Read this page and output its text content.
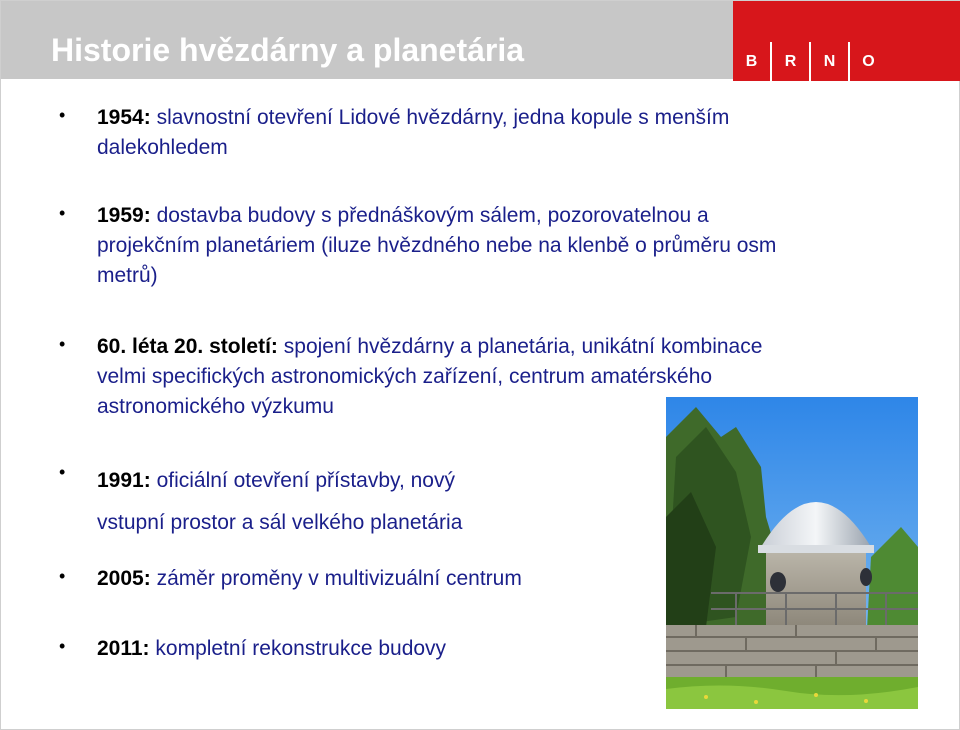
Historie hvězdárny a planetária	B	R	N	O
• 1954: slavnostní otevření Lidové hvězdárny, jedna kopule s menším
dalekohledem
• 1959: dostavba budovy s přednáškovým sálem, pozorovatelnou a
projekčním planetáriem (iluze hvězdného nebe na klenbě o průměru osm
metrů)
• 60. léta 20. století: spojení hvězdárny a planetária, unikátní kombinace
velmi specifických astronomických zařízení, centrum amatérského
astronomického výzkumu
• 1991: oficiální otevření přístavby, nový
vstupní prostor a sál velkého planetária
• 2005: záměr proměny v multivizuální centrum
• 2011: kompletní rekonstrukce budovy
